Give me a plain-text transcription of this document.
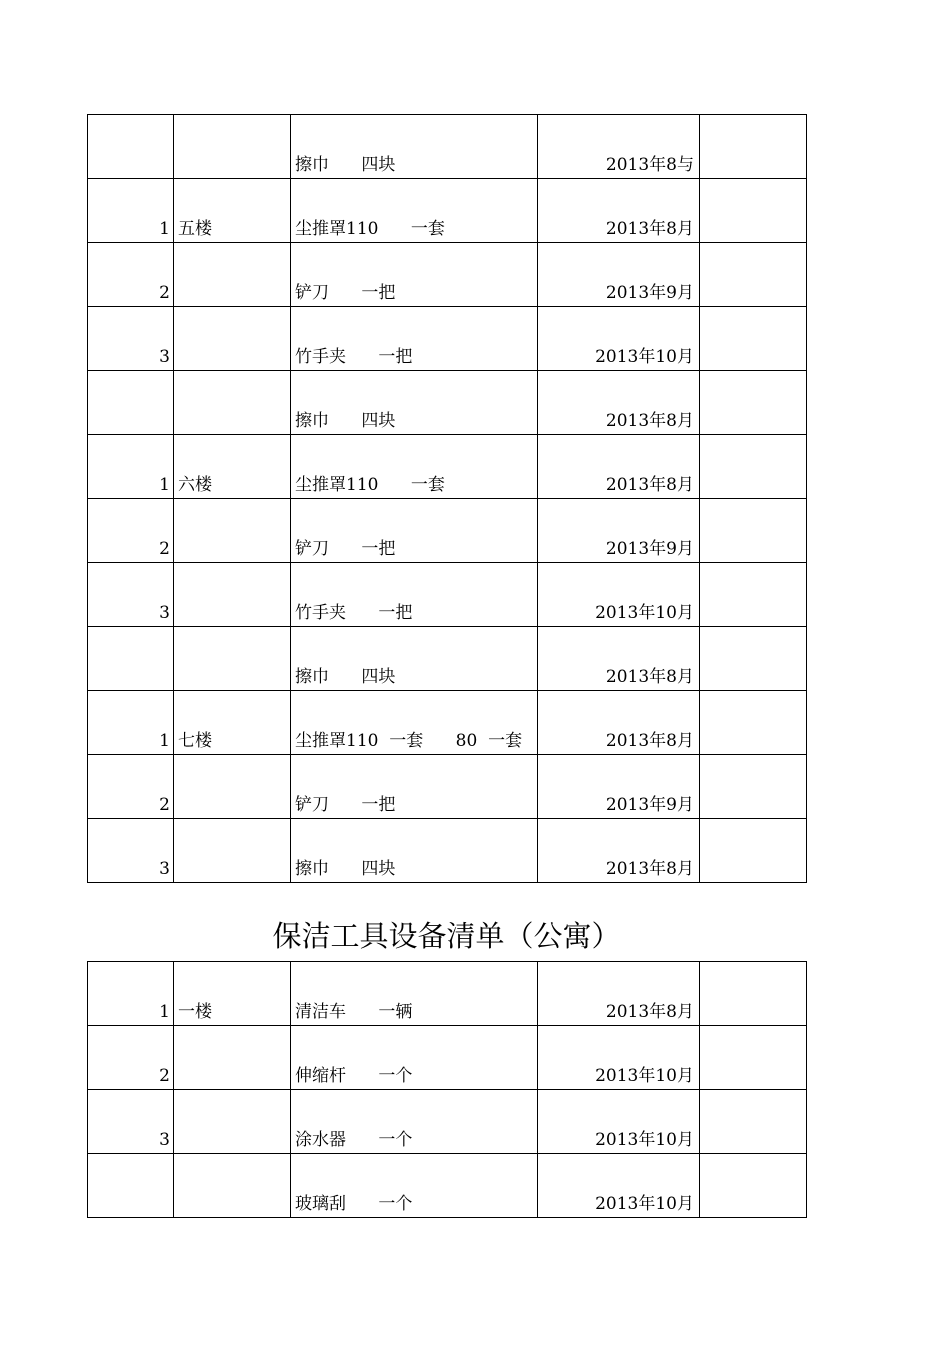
		擦巾      四块	2013年8与	
1	五楼	尘推罩110      一套	2013年8月	
2		铲刀      一把	2013年9月	
3		竹手夹      一把	2013年10月	
		擦巾      四块	2013年8月	
1	六楼	尘推罩110      一套	2013年8月	
2		铲刀      一把	2013年9月	
3		竹手夹      一把	2013年10月	
		擦巾      四块	2013年8月	
1	七楼	尘推罩110  一套      80  一套	2013年8月	
2		铲刀      一把	2013年9月	
3		擦巾      四块	2013年8月	
保洁工具设备清单（公寓）
1	一楼	清洁车      一辆	2013年8月	
2		伸缩杆      一个	2013年10月	
3		涂水器      一个	2013年10月	
		玻璃刮      一个	2013年10月	
